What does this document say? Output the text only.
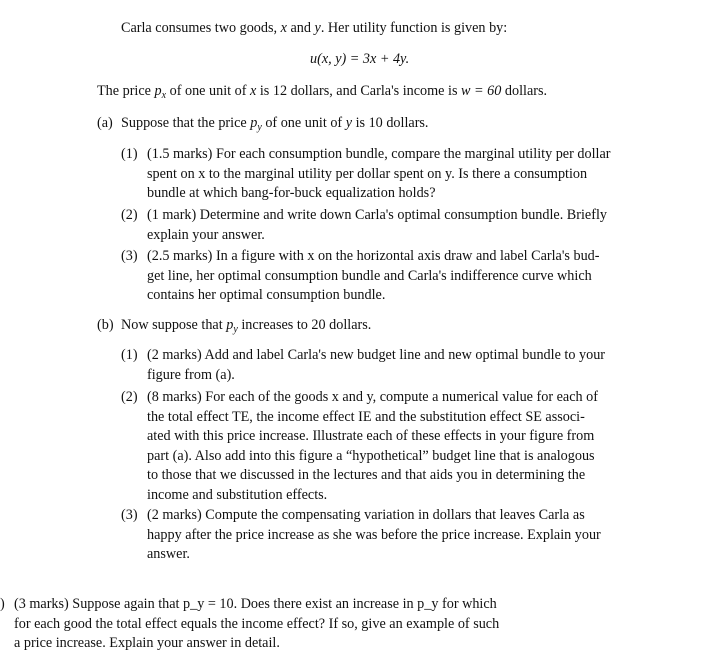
Carla consumes two goods, x and y. Her utility function is given by:
u(x, y) = 3x + 4y.
The price $p_x$ of one unit of x is 12 dollars, and Carla's income is w = 60 dollars.
(a) Suppose that the price $p_y$ of one unit of y is 10 dollars.
(1) (1.5 marks) For each consumption bundle, compare the marginal utility per dollar

spent on x to the marginal utility per dollar spent on y. Is there a consumption

bundle at which bang-for-buck equalization holds?

(2) (1 mark) Determine and write down Carla's optimal consumption bundle. Briefly

explain your answer.

(3) (2.5 marks) In a figure with x on the horizontal axis draw and label Carla's bud-

get line, her optimal consumption bundle and Carla's indifference curve which

contains her optimal consumption bundle.

(b) Now suppose that $p_y$ increases to 20 dollars.
(1) (2 marks) Add and label Carla's new budget line and new optimal bundle to your

figure from (a).

(2) (8 marks) For each of the goods x and y, compute a numerical value for each of

the total effect TE, the income effect IE and the substitution effect SE associ-

ated with this price increase. Illustrate each of these effects in your figure from

part (a). Also add into this figure a “hypothetical” budget line that is analogous

to those that we discussed in the lectures and that aids you in determining the

income and substitution effects.

(3) (2 marks) Compute the compensating variation in dollars that leaves Carla as

happy after the price increase as she was before the price increase. Explain your

answer.

) (3 marks) Suppose again that p_y = 10. Does there exist an increase in p_y for which

for each good the total effect equals the income effect? If so, give an example of such

a price increase. Explain your answer in detail.
